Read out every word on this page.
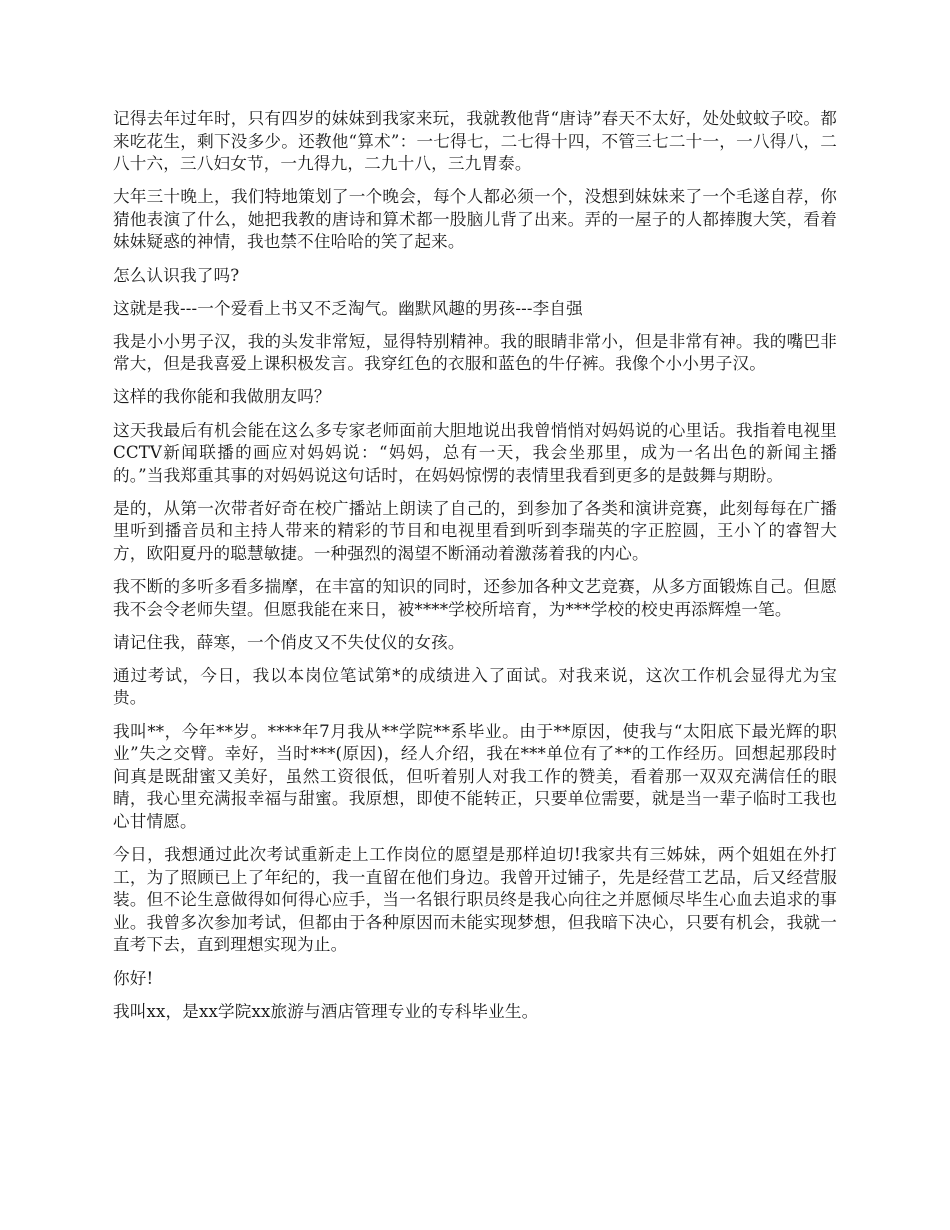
记得去年过年时，只有四岁的妹妹到我家来玩，我就教他背“唐诗”春天不太好，处处蚊蚊子咬。都来吃花生，剩下没多少。还教他“算术”：一七得七，二七得十四，不管三七二十一，一八得八，二八十六，三八妇女节，一九得九，二九十八，三九胃泰。

大年三十晚上，我们特地策划了一个晚会，每个人都必须一个，没想到妹妹来了一个毛遂自荐，你猜他表演了什么，她把我教的唐诗和算术都一股脑儿背了出来。弄的一屋子的人都捧腹大笑，看着妹妹疑惑的神情，我也禁不住哈哈的笑了起来。

怎么认识我了吗?

这就是我---一个爱看上书又不乏淘气。幽默风趣的男孩---李自强

我是小小男子汉，我的头发非常短，显得特别精神。我的眼睛非常小，但是非常有神。我的嘴巴非常大，但是我喜爱上课积极发言。我穿红色的衣服和蓝色的牛仔裤。我像个小小男子汉。

这样的我你能和我做朋友吗？

这天我最后有机会能在这么多专家老师面前大胆地说出我曾悄悄对妈妈说的心里话。我指着电视里CCTV新闻联播的画应对妈妈说：“妈妈，总有一天，我会坐那里，成为一名出色的新闻主播的。”当我郑重其事的对妈妈说这句话时，在妈妈惊愣的表情里我看到更多的是鼓舞与期盼。

是的，从第一次带者好奇在校广播站上朗读了自己的，到参加了各类和演讲竞赛，此刻每每在广播里听到播音员和主持人带来的精彩的节目和电视里看到听到李瑞英的字正腔圆，王小丫的睿智大方，欧阳夏丹的聪慧敏捷。一种强烈的渴望不断涌动着激荡着我的内心。

我不断的多听多看多揣摩，在丰富的知识的同时，还参加各种文艺竞赛，从多方面锻炼自己。但愿我不会令老师失望。但愿我能在来日，被****学校所培育，为***学校的校史再添辉煌一笔。

请记住我，薛寒，一个俏皮又不失仗仪的女孩。

通过考试，今日，我以本岗位笔试第*的成绩进入了面试。对我来说，这次工作机会显得尤为宝贵。

我叫**，今年**岁。****年7月我从**学院**系毕业。由于**原因，使我与“太阳底下最光辉的职业”失之交臂。幸好，当时***(原因)，经人介绍，我在***单位有了**的工作经历。回想起那段时间真是既甜蜜又美好，虽然工资很低，但听着别人对我工作的赞美，看着那一双双充满信任的眼睛，我心里充满报幸福与甜蜜。我原想，即使不能转正，只要单位需要，就是当一辈子临时工我也心甘情愿。

今日，我想通过此次考试重新走上工作岗位的愿望是那样迫切!我家共有三姊妹，两个姐姐在外打工，为了照顾已上了年纪的，我一直留在他们身边。我曾开过铺子，先是经营工艺品，后又经营服装。但不论生意做得如何得心应手，当一名银行职员终是我心向往之并愿倾尽毕生心血去追求的事业。我曾多次参加考试，但都由于各种原因而未能实现梦想，但我暗下决心，只要有机会，我就一直考下去，直到理想实现为止。

你好!

我叫xx，是xx学院xx旅游与酒店管理专业的专科毕业生。
